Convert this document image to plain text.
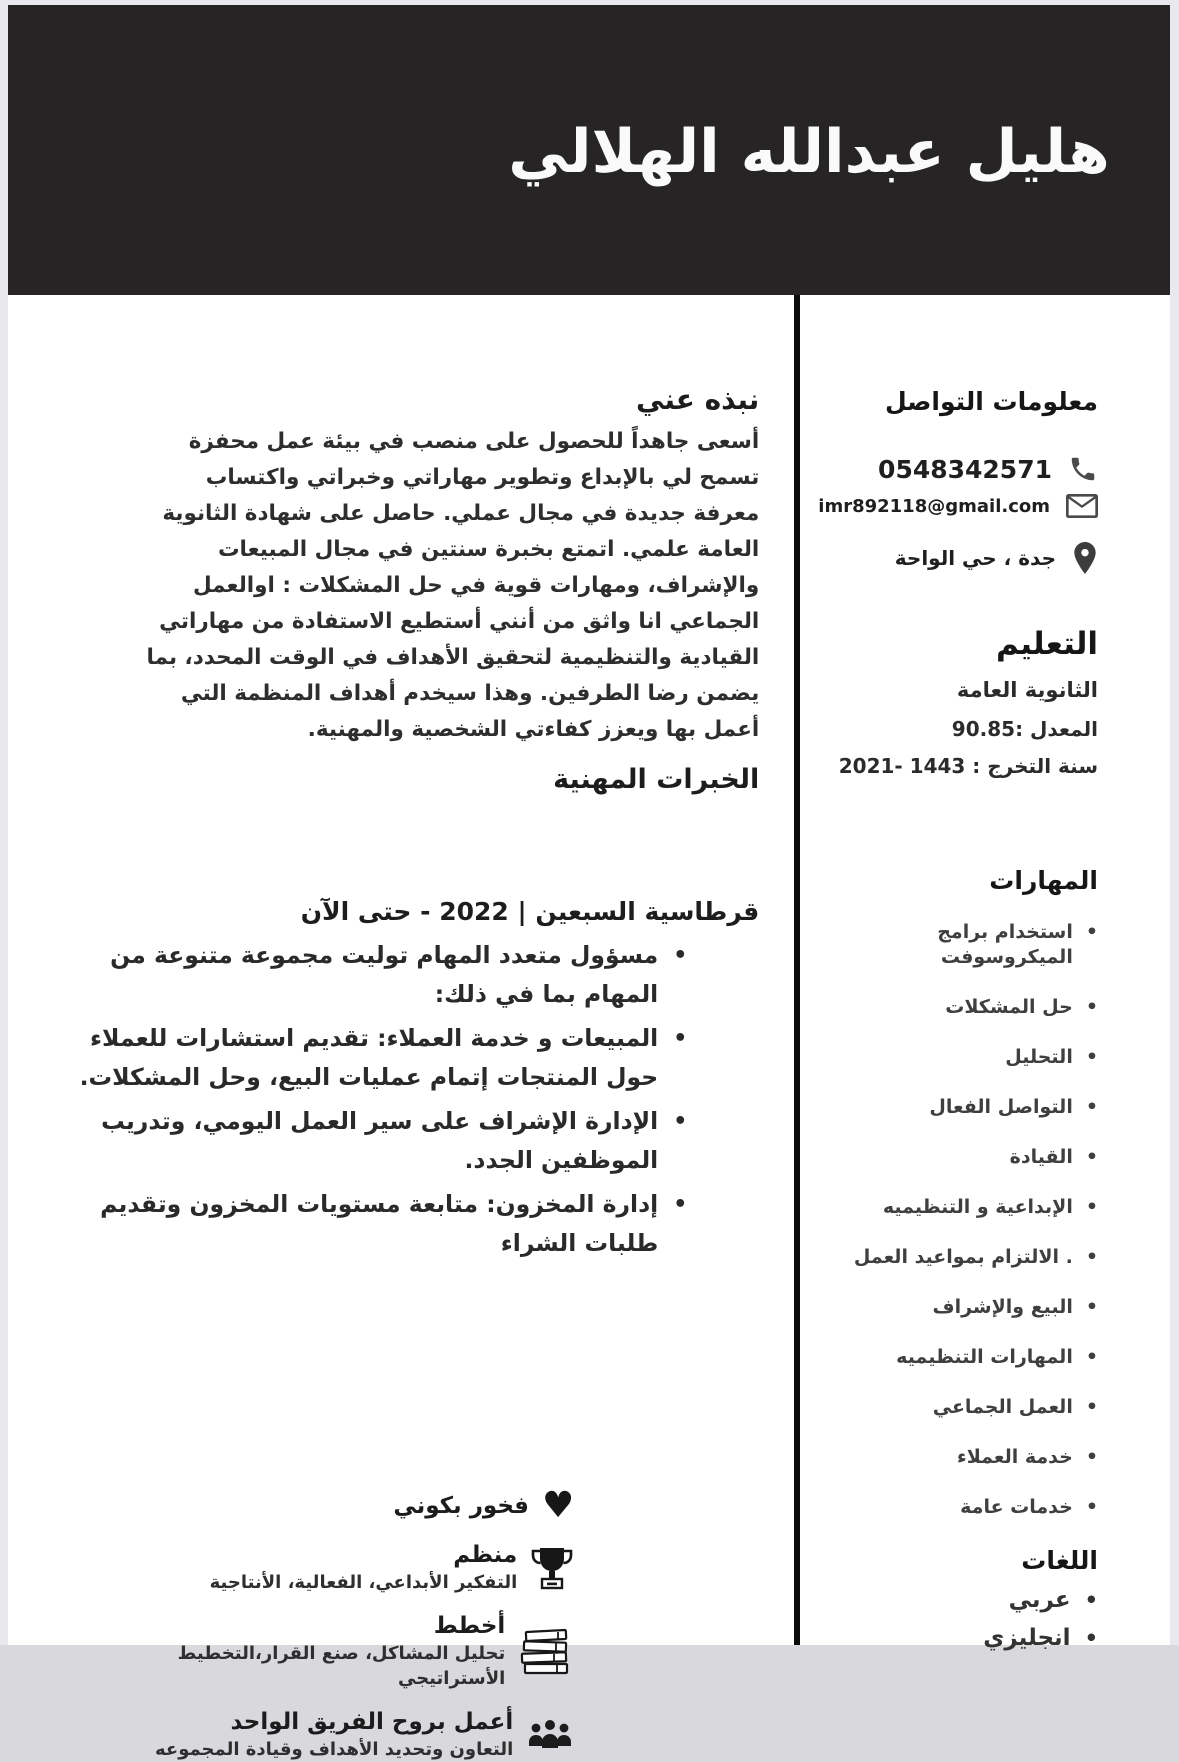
هليل عبدالله الهلالي
معلومات التواصل
0548342571
imr892118@gmail.com
جدة ، حي الواحة
التعليم
الثانوية العامة
المعدل :90.85
سنة التخرج : 1443 -2021
المهارات
•
استخدام برامج الميكروسوفت
•
حل المشكلات
•
التحليل
•
التواصل الفعال
•
القيادة
•
الإبداعية و التنظيميه
•
. الالتزام بمواعيد العمل
•
البيع والإشراف
•
المهارات التنظيميه
•
العمل الجماعي
•
خدمة العملاء
•
خدمات عامة
اللغات
•
عربي
•
انجليزي
نبذه عني

أسعى جاهداً للحصول على منصب في بيئة عمل محفزة تسمح لي بالإبداع وتطوير مهاراتي وخبراتي واكتساب معرفة جديدة في مجال عملي. حاصل على شهادة الثانوية العامة علمي. اتمتع بخبرة سنتين في مجال المبيعات والإشراف، ومهارات قوية في حل المشكلات : اوالعمل الجماعي انا واثق من أنني أستطيع الاستفادة من مهاراتي القيادية والتنظيمية لتحقيق الأهداف في الوقت المحدد، بما يضمن رضا الطرفين. وهذا سيخدم أهداف المنظمة التي أعمل بها ويعزز كفاءتي الشخصية والمهنية.

الخبرات المهنية
قرطاسية السبعين | 2022 - حتى الآن
•
مسؤول متعدد المهام توليت مجموعة متنوعة من المهام بما في ذلك:
•
المبيعات و خدمة العملاء: تقديم استشارات للعملاء حول المنتجات إتمام عمليات البيع، وحل المشكلات.
•
الإدارة الإشراف على سير العمل اليومي، وتدريب الموظفين الجدد.
•
إدارة المخزون: متابعة مستويات المخزون وتقديم طلبات الشراء
♥
فخور بكوني
منظم
التفكير الأبداعي، الفعالية، الأنتاجية
أخطط
تحليل المشاكل، صنع القرار،التخطيط الأستراتيجي
أعمل بروح الفريق الواحد
التعاون وتحديد الأهداف وقيادة المجموعه
